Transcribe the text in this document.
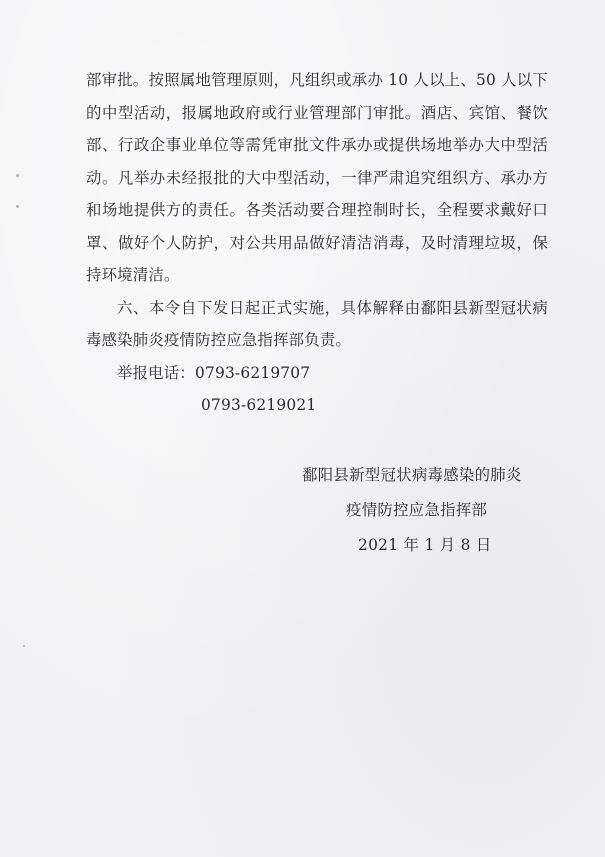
部审批。按照属地管理原则，凡组织或承办 10 人以上、50 人以下的中型活动，报属地政府或行业管理部门审批。酒店、宾馆、餐饮部、行政企事业单位等需凭审批文件承办或提供场地举办大中型活动。凡举办未经报批的大中型活动，一律严肃追究组织方、承办方和场地提供方的责任。各类活动要合理控制时长，全程要求戴好口罩、做好个人防护，对公共用品做好清洁消毒，及时清理垃圾，保持环境清洁。

六、本令自下发日起正式实施，具体解释由鄱阳县新型冠状病毒感染肺炎疫情防控应急指挥部负责。

举报电话：0793-6219707
0793-6219021
鄱阳县新型冠状病毒感染的肺炎
疫情防控应急指挥部
2021 年 1 月 8 日
